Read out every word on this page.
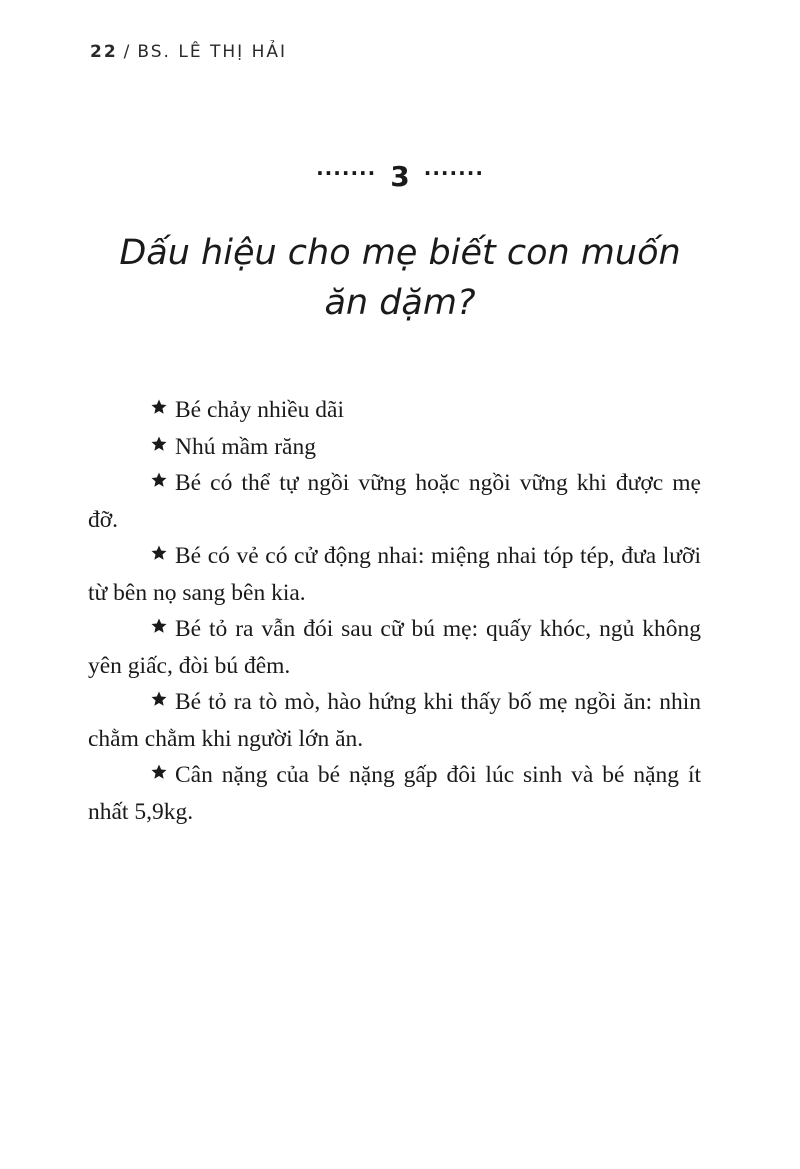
22 / BS. LÊ THỊ HẢI
······· 3 ·······
Dấu hiệu cho mẹ biết con muốn
ăn dặm?

Bé chảy nhiều dãi

Nhú mầm răng

Bé có thể tự ngồi vững hoặc ngồi vững khi được mẹ đỡ.

Bé có vẻ có cử động nhai: miệng nhai tóp tép, đưa lưỡi từ bên nọ sang bên kia.

Bé tỏ ra vẫn đói sau cữ bú mẹ: quấy khóc, ngủ không yên giấc, đòi bú đêm.

Bé tỏ ra tò mò, hào hứng khi thấy bố mẹ ngồi ăn: nhìn chằm chằm khi người lớn ăn.

Cân nặng của bé nặng gấp đôi lúc sinh và bé nặng ít nhất 5,9kg.
